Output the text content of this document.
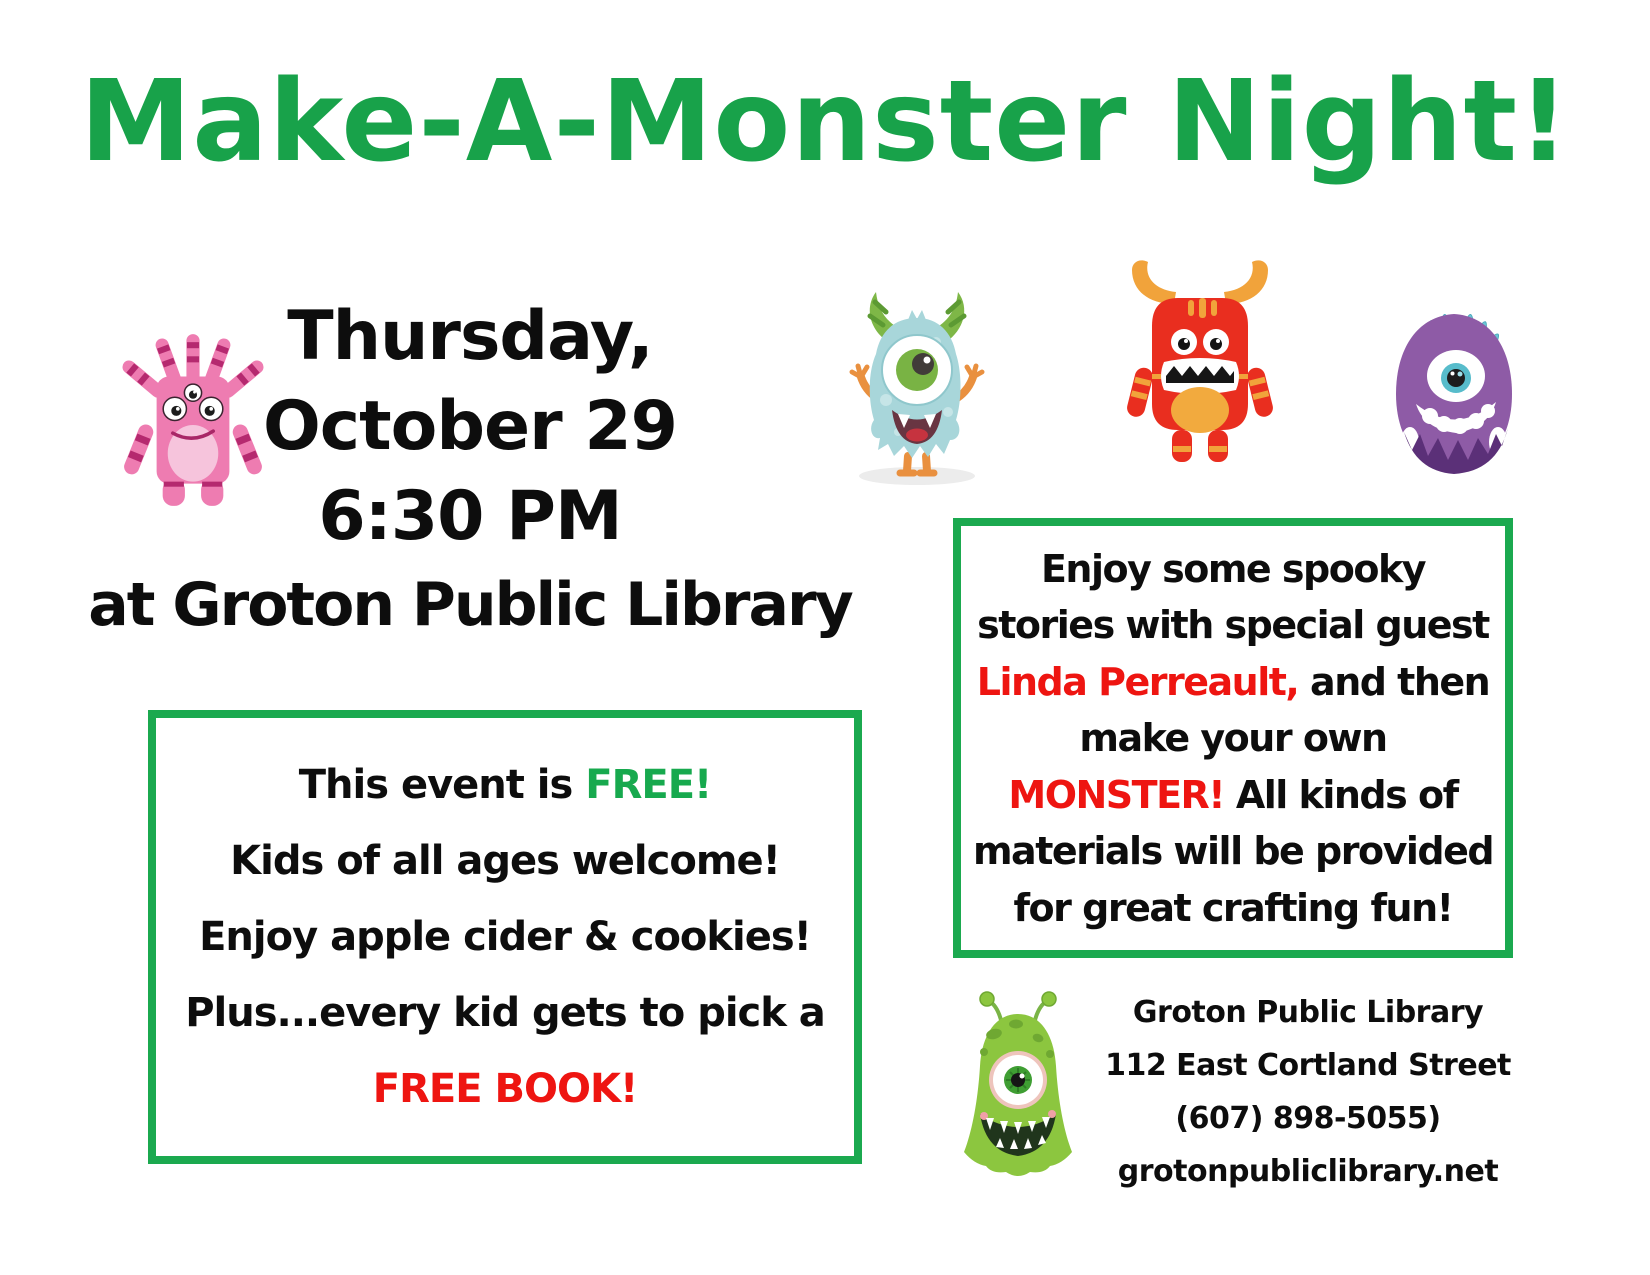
Make-A-Monster Night!
Thursday,
October 29
6:30 PM
at Groton Public Library
Enjoy some spooky
stories with special guest
Linda Perreault, and then
make your own
MONSTER! All kinds of
materials will be provided
for great crafting fun!
This event is FREE!
Kids of all ages welcome!
Enjoy apple cider & cookies!
Plus...every kid gets to pick a
FREE BOOK!
Groton Public Library
112 East Cortland Street
(607) 898-5055)
grotonpubliclibrary.net
